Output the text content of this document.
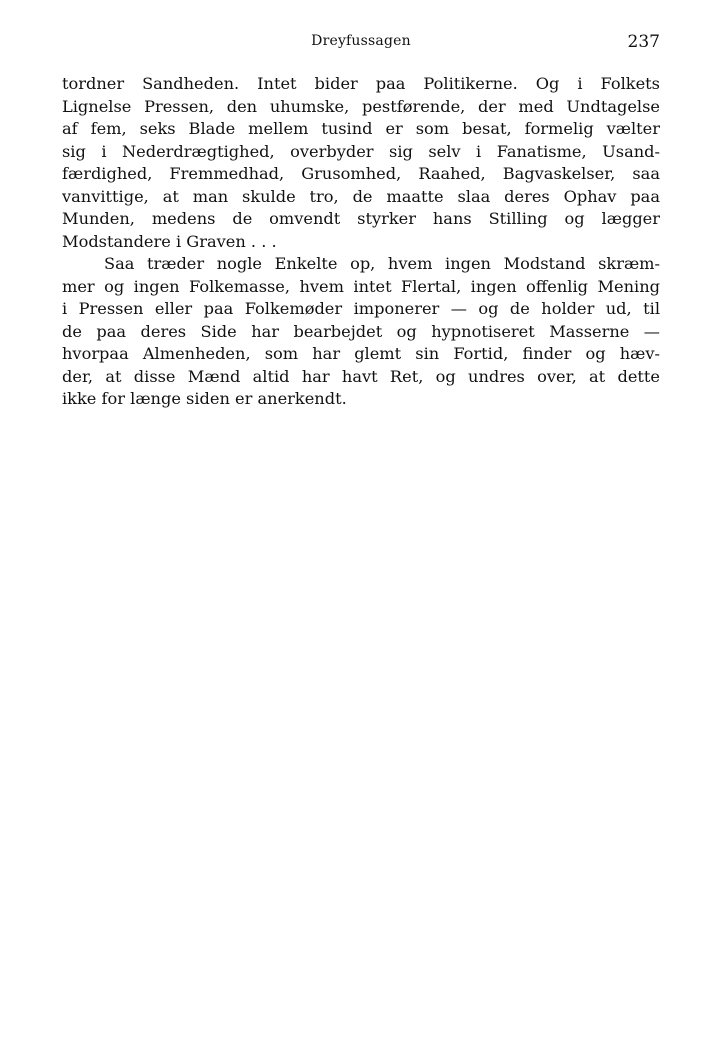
Dreyfussagen	237
tordner Sandheden. Intet bider paa Politikerne. Og i Folkets
Lignelse Pressen, den uhumske, pestførende, der med Undtagelse
af fem, seks Blade mellem tusind er som besat, formelig vælter
sig i Nederdrægtighed, overbyder sig selv i Fanatisme, Usand-
færdighed, Fremmedhad, Grusomhed, Raahed, Bagvaskelser, saa
vanvittige, at man skulde tro, de maatte slaa deres Ophav paa
Munden, medens de omvendt styrker hans Stilling og lægger
Modstandere i Graven . . .
Saa træder nogle Enkelte op, hvem ingen Modstand skræm-
mer og ingen Folkemasse, hvem intet Flertal, ingen offenlig Mening
i Pressen eller paa Folkemøder imponerer — og de holder ud, til
de paa deres Side har bearbejdet og hypnotiseret Masserne —
hvorpaa Almenheden, som har glemt sin Fortid, finder og hæv-
der, at disse Mænd altid har havt Ret, og undres over, at dette
ikke for længe siden er anerkendt.
